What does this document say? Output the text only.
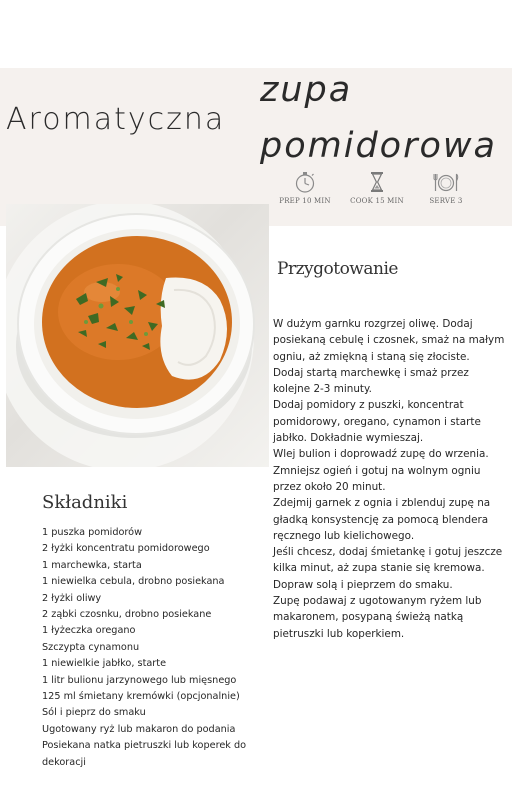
Aromatyczna
zupa
pomidorowa
PREP 10 MIN	COOK 15 MIN	SERVE 3
Przygotowanie

W dużym garnku rozgrzej oliwę. Dodaj posiekaną cebulę i czosnek, smaż na małym ogniu, aż zmiękną i staną się złociste.

Dodaj startą marchewkę i smaż przez kolejne 2-3 minuty.

Dodaj pomidory z puszki, koncentrat pomidorowy, oregano, cynamon i starte jabłko. Dokładnie wymieszaj.

Wlej bulion i doprowadź zupę do wrzenia. Zmniejsz ogień i gotuj na wolnym ogniu przez około 20 minut.

Zdejmij garnek z ognia i zblenduj zupę na gładką konsystencję za pomocą blendera ręcznego lub kielichowego.

Jeśli chcesz, dodaj śmietankę i gotuj jeszcze kilka minut, aż zupa stanie się kremowa.

Dopraw solą i pieprzem do smaku.

Zupę podawaj z ugotowanym ryżem lub makaronem, posypaną świeżą natką pietruszki lub koperkiem.

Składniki
1 puszka pomidorów
2 łyżki koncentratu pomidorowego
1 marchewka, starta
1 niewielka cebula, drobno posiekana
2 łyżki oliwy
2 ząbki czosnku, drobno posiekane
1 łyżeczka oregano
Szczypta cynamonu
1 niewielkie jabłko, starte
1 litr bulionu jarzynowego lub mięsnego
125 ml śmietany kremówki (opcjonalnie)
Sól i pieprz do smaku
Ugotowany ryż lub makaron do podania
Posiekana natka pietruszki lub koperek do dekoracji
